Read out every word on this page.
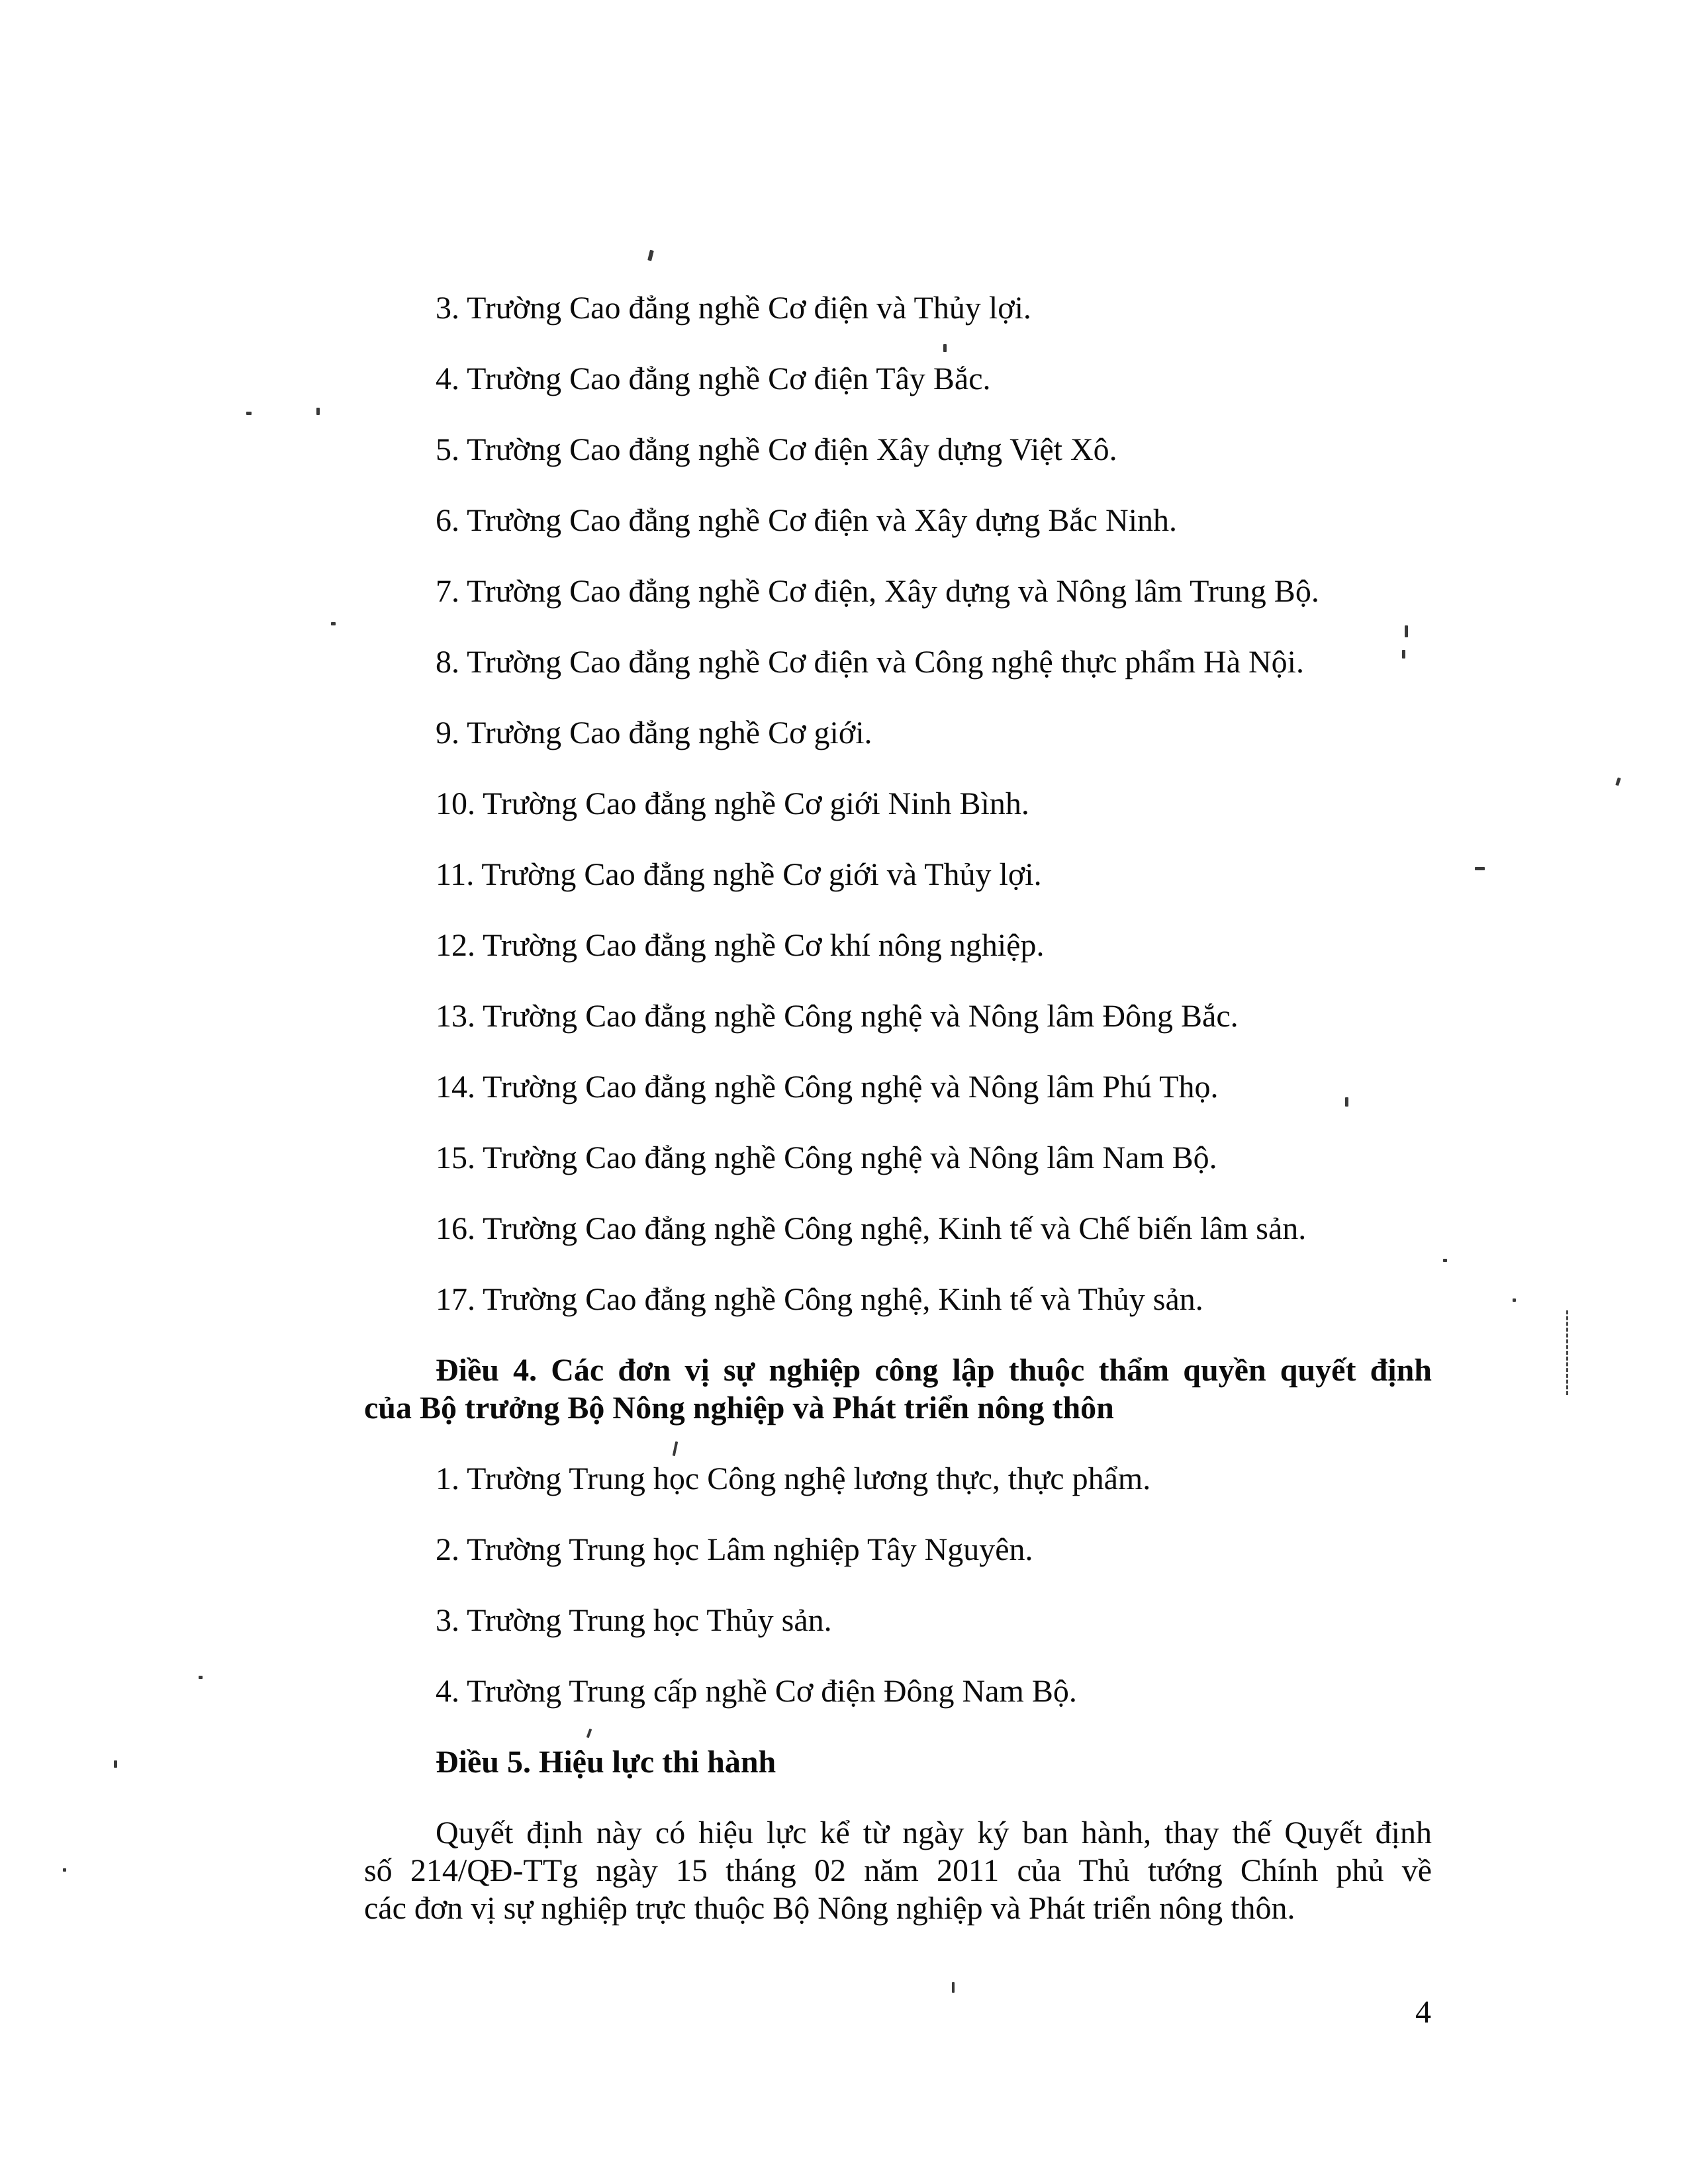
3. Trường Cao đẳng nghề Cơ điện và Thủy lợi.

4. Trường Cao đẳng nghề Cơ điện Tây Bắc.

5. Trường Cao đẳng nghề Cơ điện Xây dựng Việt Xô.

6. Trường Cao đẳng nghề Cơ điện và Xây dựng Bắc Ninh.

7. Trường Cao đẳng nghề Cơ điện, Xây dựng và Nông lâm Trung Bộ.

8. Trường Cao đẳng nghề Cơ điện và Công nghệ thực phẩm Hà Nội.

9. Trường Cao đẳng nghề Cơ giới.

10. Trường Cao đẳng nghề Cơ giới Ninh Bình.

11. Trường Cao đẳng nghề Cơ giới và Thủy lợi.

12. Trường Cao đẳng nghề Cơ khí nông nghiệp.

13. Trường Cao đẳng nghề Công nghệ và Nông lâm Đông Bắc.

14. Trường Cao đẳng nghề Công nghệ và Nông lâm Phú Thọ.

15. Trường Cao đẳng nghề Công nghệ và Nông lâm Nam Bộ.

16. Trường Cao đẳng nghề Công nghệ, Kinh tế và Chế biến lâm sản.

17. Trường Cao đẳng nghề Công nghệ, Kinh tế và Thủy sản.

Điều 4. Các đơn vị sự nghiệp công lập thuộc thẩm quyền quyết định

của Bộ trưởng Bộ Nông nghiệp và Phát triển nông thôn

1. Trường Trung học Công nghệ lương thực, thực phẩm.

2. Trường Trung học Lâm nghiệp Tây Nguyên.

3. Trường Trung học Thủy sản.

4. Trường Trung cấp nghề Cơ điện Đông Nam Bộ.

Điều 5. Hiệu lực thi hành

Quyết định này có hiệu lực kể từ ngày ký ban hành, thay thế Quyết định

số 214/QĐ-TTg ngày 15 tháng 02 năm 2011 của Thủ tướng Chính phủ về

các đơn vị sự nghiệp trực thuộc Bộ Nông nghiệp và Phát triển nông thôn.

4
